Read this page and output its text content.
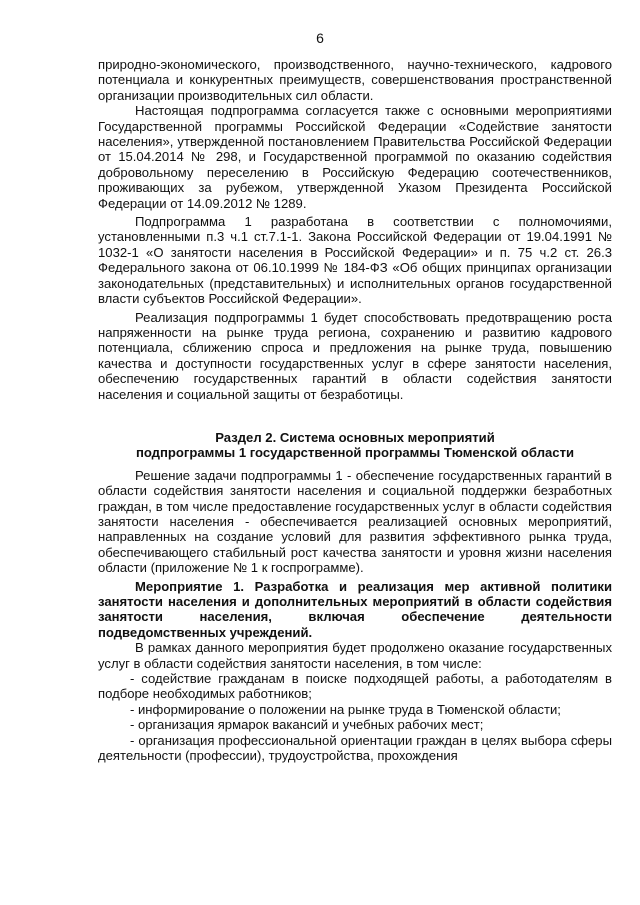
6

природно-экономического, производственного, научно-технического, кадрового потенциала и конкурентных преимуществ, совершенствования пространственной организации производительных сил области.

Настоящая подпрограмма согласуется также с основными мероприятиями Государственной программы Российской Федерации «Содействие занятости населения», утвержденной постановлением Правительства Российской Федерации от 15.04.2014 № 298, и Государственной программой по оказанию содействия добровольному переселению в Российскую Федерацию соотечественников, проживающих за рубежом, утвержденной Указом Президента Российской Федерации от 14.09.2012 № 1289.

Подпрограмма 1 разработана в соответствии с полномочиями, установленными п.3 ч.1 ст.7.1-1. Закона Российской Федерации от 19.04.1991 № 1032-1 «О занятости населения в Российской Федерации» и п. 75 ч.2 ст. 26.3 Федерального закона от 06.10.1999 № 184-ФЗ «Об общих принципах организации законодательных (представительных) и исполнительных органов государственной власти субъектов Российской Федерации».

Реализация подпрограммы 1 будет способствовать предотвращению роста напряженности на рынке труда региона, сохранению и развитию кадрового потенциала, сближению спроса и предложения на рынке труда, повышению качества и доступности государственных услуг в сфере занятости населения, обеспечению государственных гарантий в области содействия занятости населения и социальной защиты от безработицы.

Раздел 2. Система основных мероприятий
подпрограммы 1 государственной программы Тюменской области

Решение задачи подпрограммы 1 - обеспечение государственных гарантий в области содействия занятости населения и социальной поддержки безработных граждан, в том числе предоставление государственных услуг в области содействия занятости населения - обеспечивается реализацией основных мероприятий, направленных на создание условий для развития эффективного рынка труда, обеспечивающего стабильный рост качества занятости и уровня жизни населения области (приложение № 1 к госпрограмме).

Мероприятие 1. Разработка и реализация мер активной политики занятости населения и дополнительных мероприятий в области содействия занятости населения, включая обеспечение деятельности подведомственных учреждений.

В рамках данного мероприятия будет продолжено оказание государственных услуг в области содействия занятости населения, в том числе:

- содействие гражданам в поиске подходящей работы, а работодателям в подборе необходимых работников;

- информирование о положении на рынке труда в Тюменской области;

- организация ярмарок вакансий и учебных рабочих мест;

- организация профессиональной ориентации граждан в целях выбора сферы деятельности (профессии), трудоустройства, прохождения
